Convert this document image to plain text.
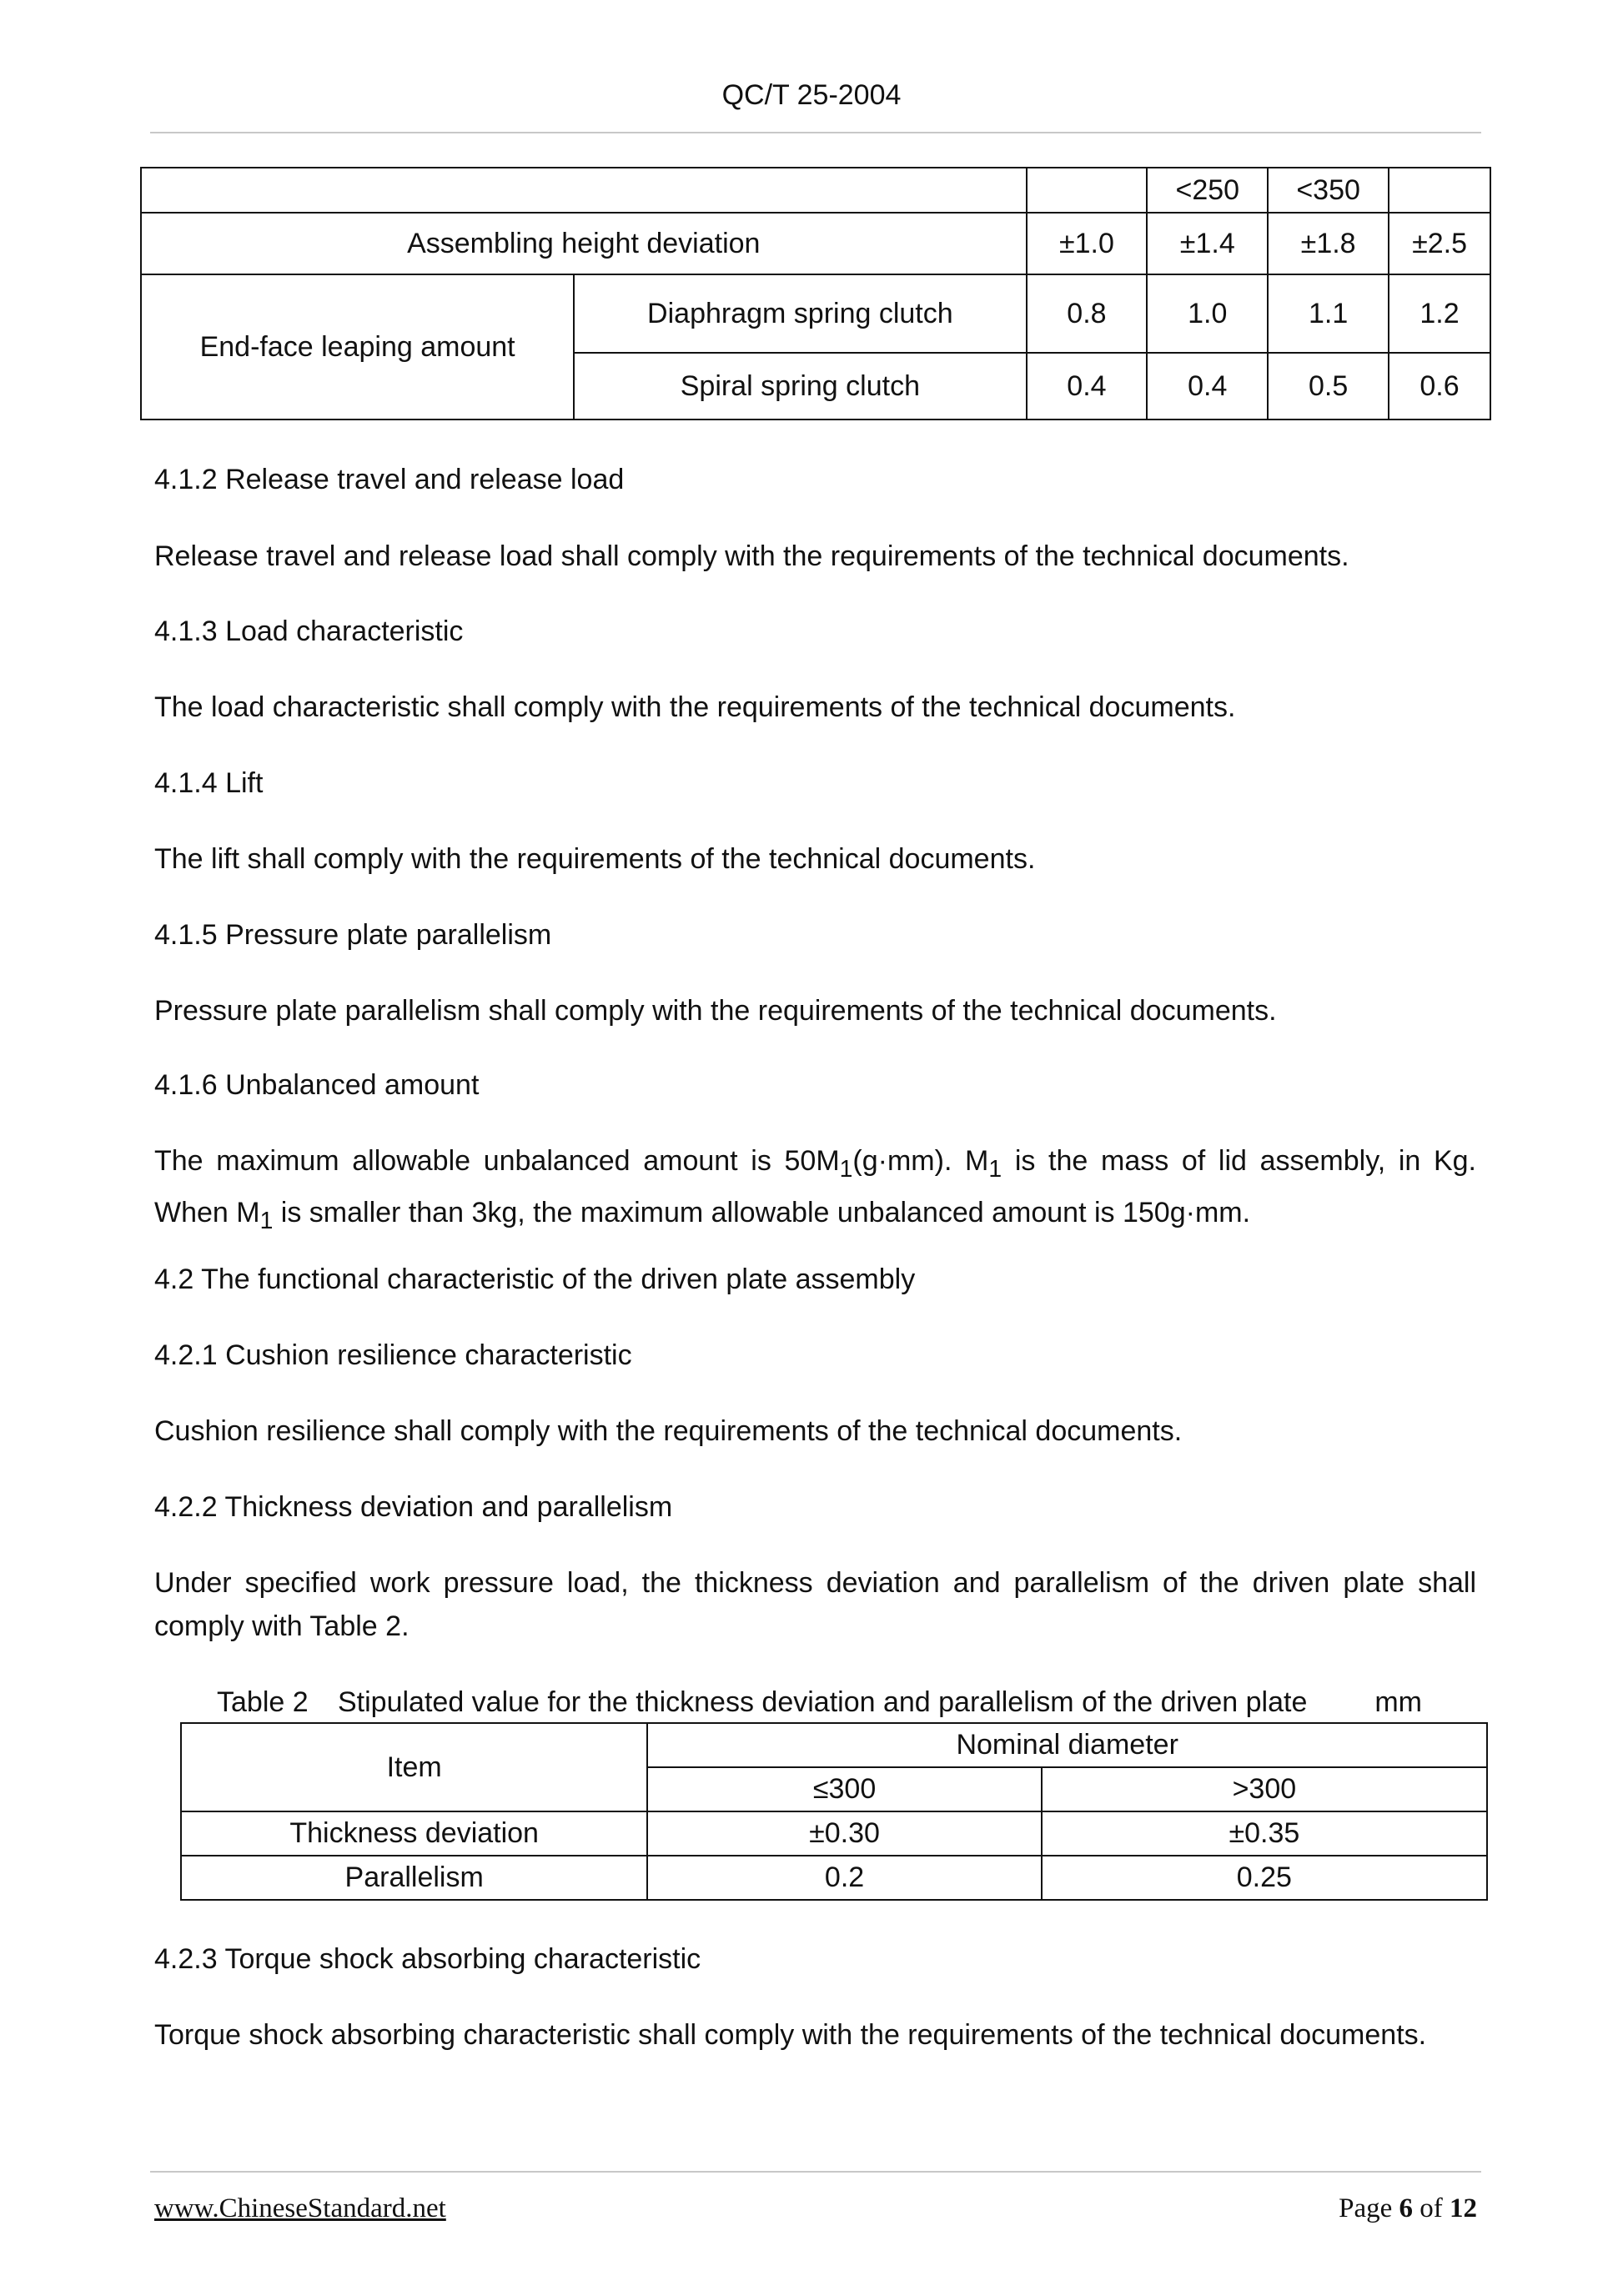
QC/T 25-2004
			<250	<350	
Assembling height deviation		±1.0	±1.4	±1.8	±2.5
End-face leaping amount	Diaphragm spring clutch	0.8	1.0	1.1	1.2
	Spiral spring clutch	0.4	0.4	0.5	0.6
4.1.2 Release travel and release load
Release travel and release load shall comply with the requirements of the technical documents.
4.1.3 Load characteristic
The load characteristic shall comply with the requirements of the technical documents.
4.1.4 Lift
The lift shall comply with the requirements of the technical documents.
4.1.5 Pressure plate parallelism
Pressure plate parallelism shall comply with the requirements of the technical documents.
4.1.6 Unbalanced amount
The maximum allowable unbalanced amount is $50M_1(g\cdot mm)$. $M_1$ is the mass of lid assembly, in Kg. When $M_1$ is smaller than 3kg, the maximum allowable unbalanced amount is 150g·mm.
4.2 The functional characteristic of the driven plate assembly
4.2.1 Cushion resilience characteristic
Cushion resilience shall comply with the requirements of the technical documents.
4.2.2 Thickness deviation and parallelism
Under specified work pressure load, the thickness deviation and parallelism of the driven plate shall comply with Table 2.
Table 2 Stipulated value for the thickness deviation and parallelism of the driven plate mm
Item	Nominal diameter	
	≤300	>300
Thickness deviation	±0.30	±0.35
Parallelism	0.2	0.25
4.2.3 Torque shock absorbing characteristic
Torque shock absorbing characteristic shall comply with the requirements of the technical documents.
www.ChineseStandard.net	Page 6 of 12
